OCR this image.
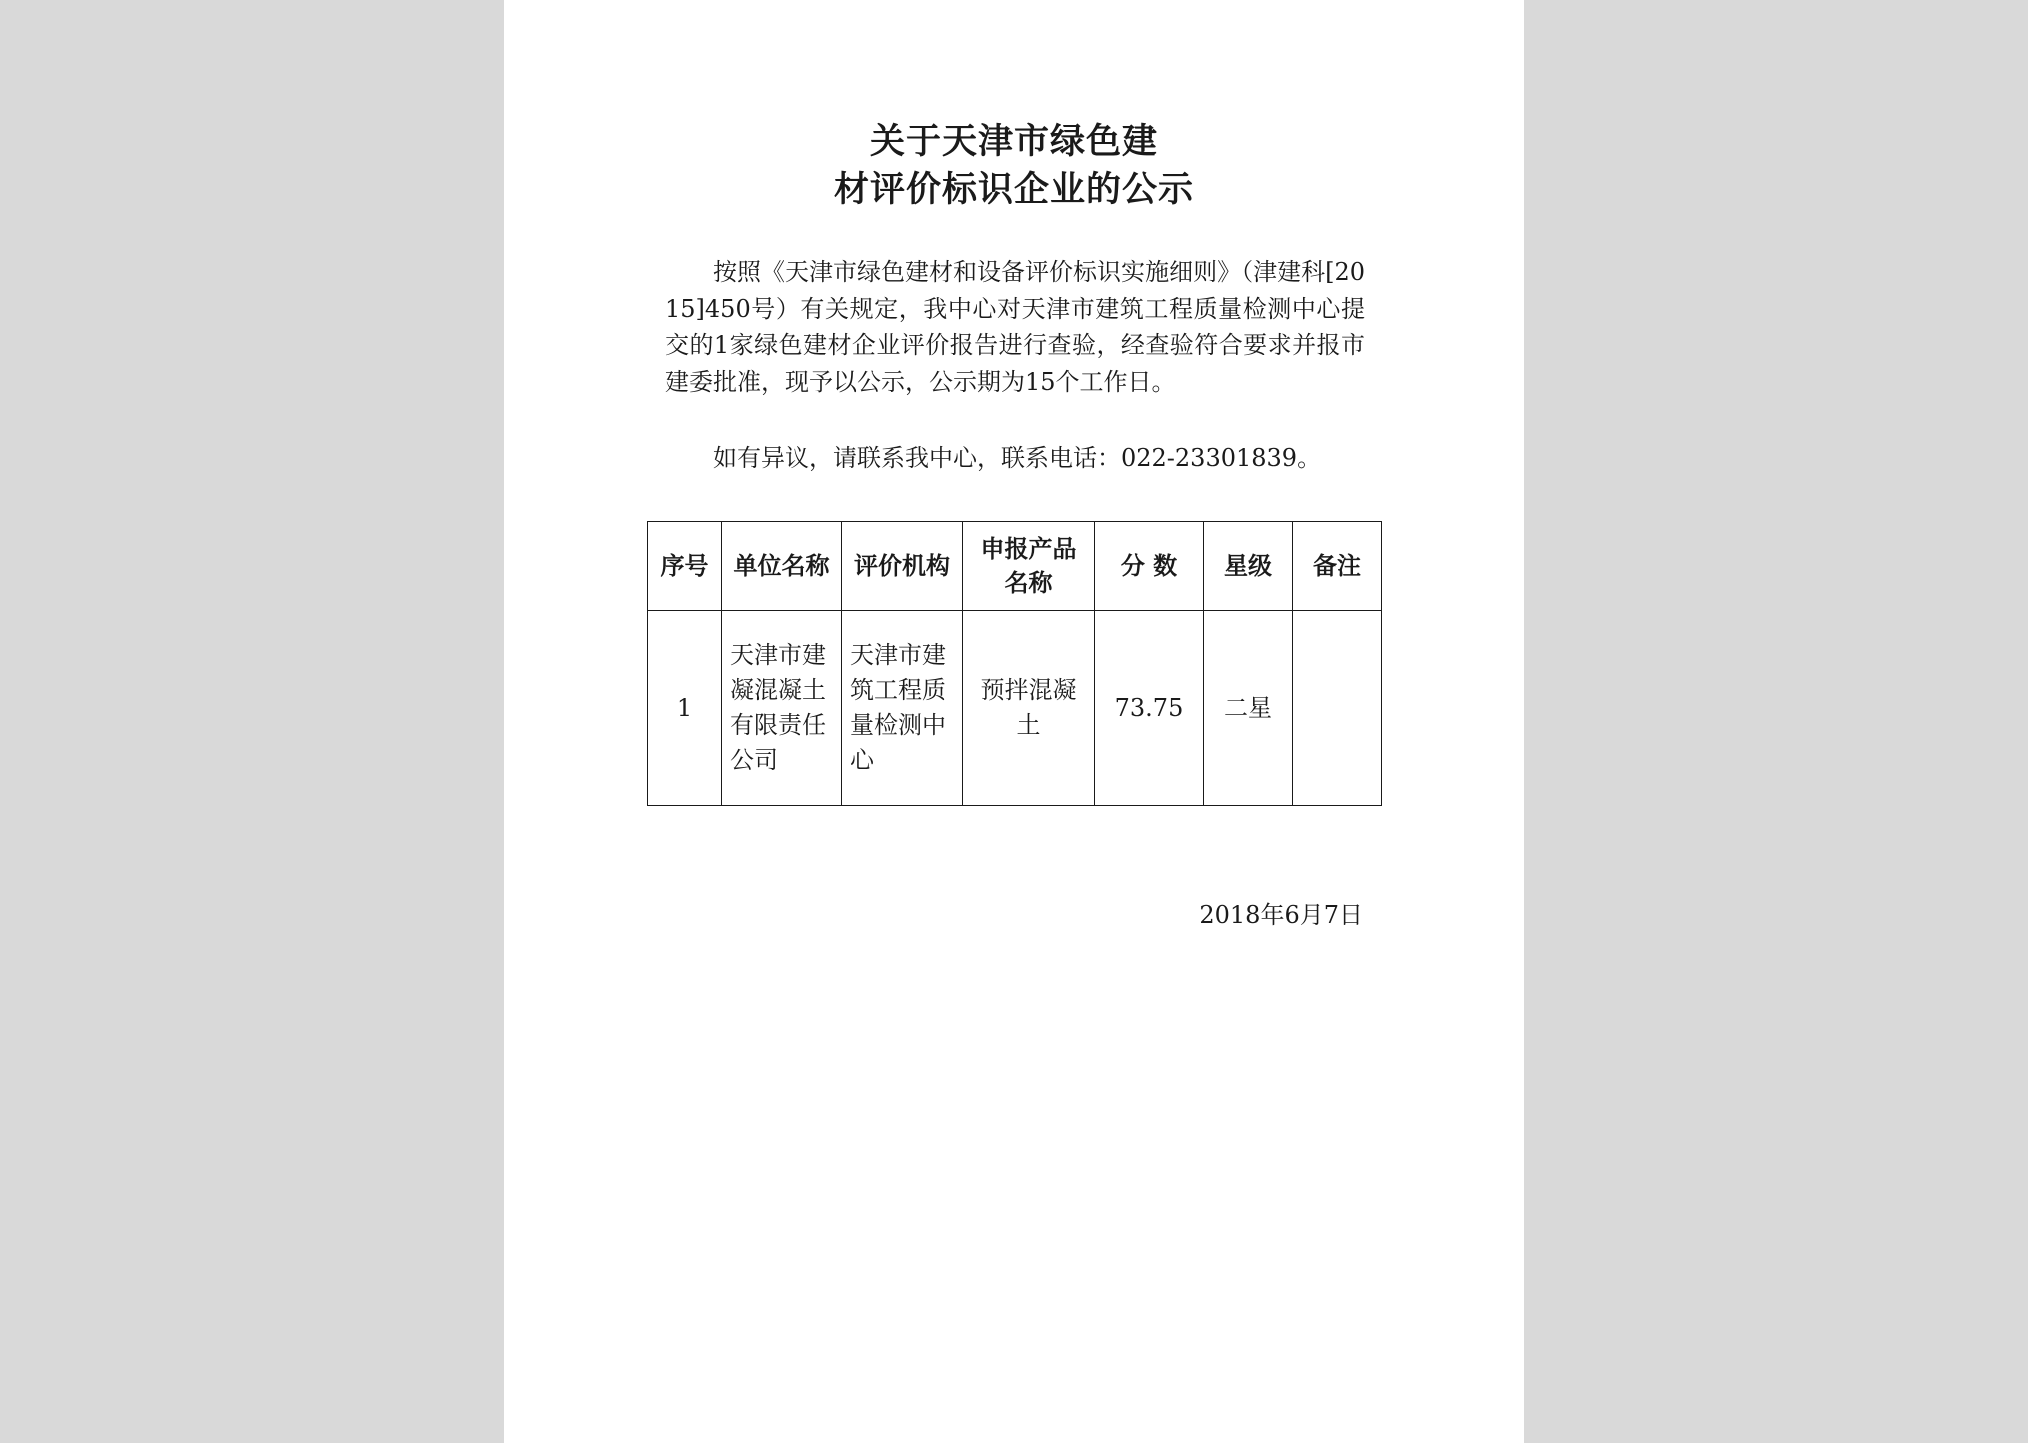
关于天津市绿色建
材评价标识企业的公示

按照《天津市绿色建材和设备评价标识实施细则》（津建科[2015]450号）有关规定，我中心对天津市建筑工程质量检测中心提交的1家绿色建材企业评价报告进行查验，经查验符合要求并报市建委批准，现予以公示，公示期为15个工作日。

如有异议，请联系我中心，联系电话：022-23301839。

序号	单位名称	评价机构	申报产品名称	分 数	星级	备注
1	天津市建凝混凝土有限责任公司	天津市建筑工程质量检测中心	预拌混凝土	73.75	二星	
2018年6月7日
